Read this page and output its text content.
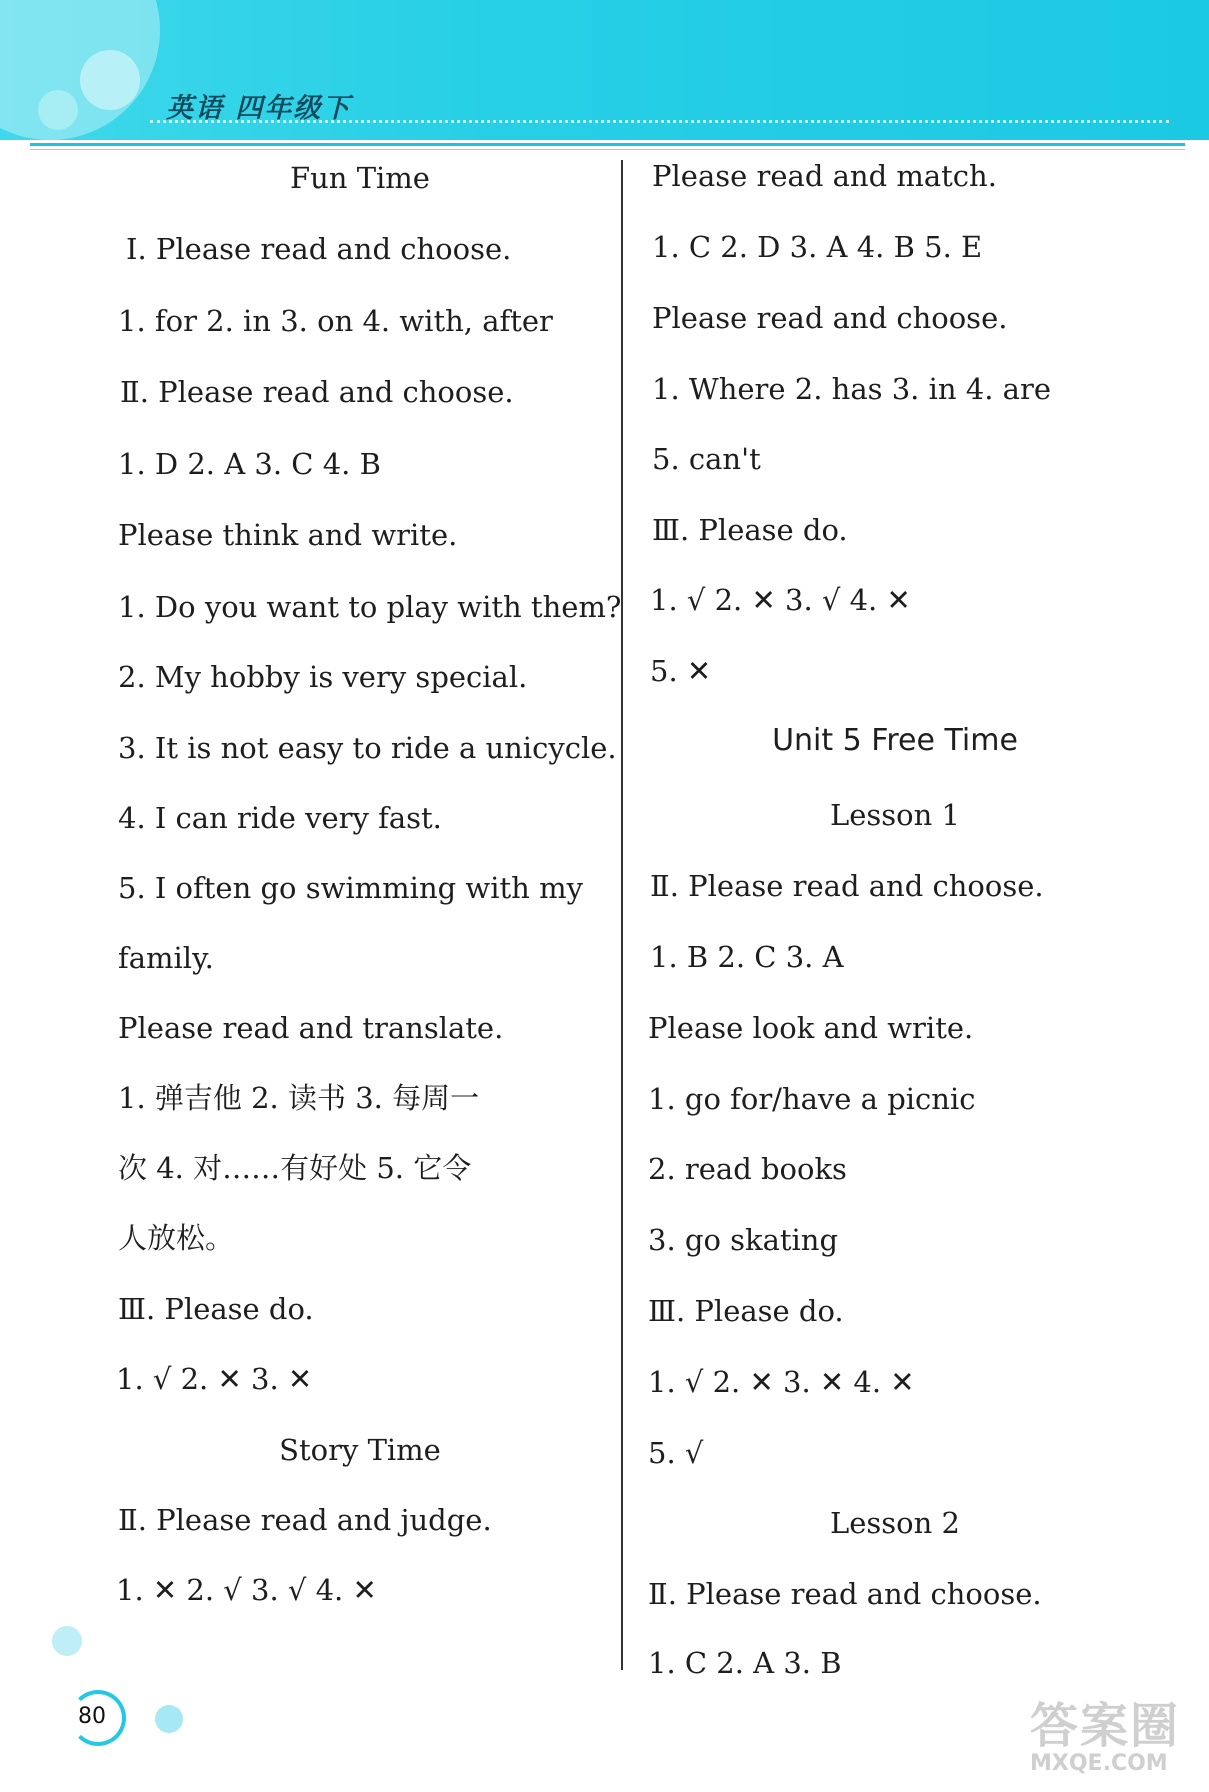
英语 四年级下
Fun Time
Ⅰ. Please read and choose.
1. for 2. in 3. on 4. with, after
Ⅱ. Please read and choose.
1. D 2. A 3. C 4. B
Please think and write.
1. Do you want to play with them?
2. My hobby is very special.
3. It is not easy to ride a unicycle.
4. I can ride very fast.
5. I often go swimming with my
family.
Please read and translate.
1. 弹吉他 2. 读书 3. 每周一
次 4. 对……有好处 5. 它令
人放松。
Ⅲ. Please do.
1. √ 2. ✕ 3. ✕
Story Time
Ⅱ. Please read and judge.
1. ✕ 2. √ 3. √ 4. ✕
Please read and match.
1. C 2. D 3. A 4. B 5. E
Please read and choose.
1. Where 2. has 3. in 4. are
5. can't
Ⅲ. Please do.
1. √ 2. ✕ 3. √ 4. ✕
5. ✕
Unit 5 Free Time
Lesson 1
Ⅱ. Please read and choose.
1. B 2. C 3. A
Please look and write.
1. go for/have a picnic
2. read books
3. go skating
Ⅲ. Please do.
1. √ 2. ✕ 3. ✕ 4. ✕
5. √
Lesson 2
Ⅱ. Please read and choose.
1. C 2. A 3. B
80	答案圈
MXQE.COM
